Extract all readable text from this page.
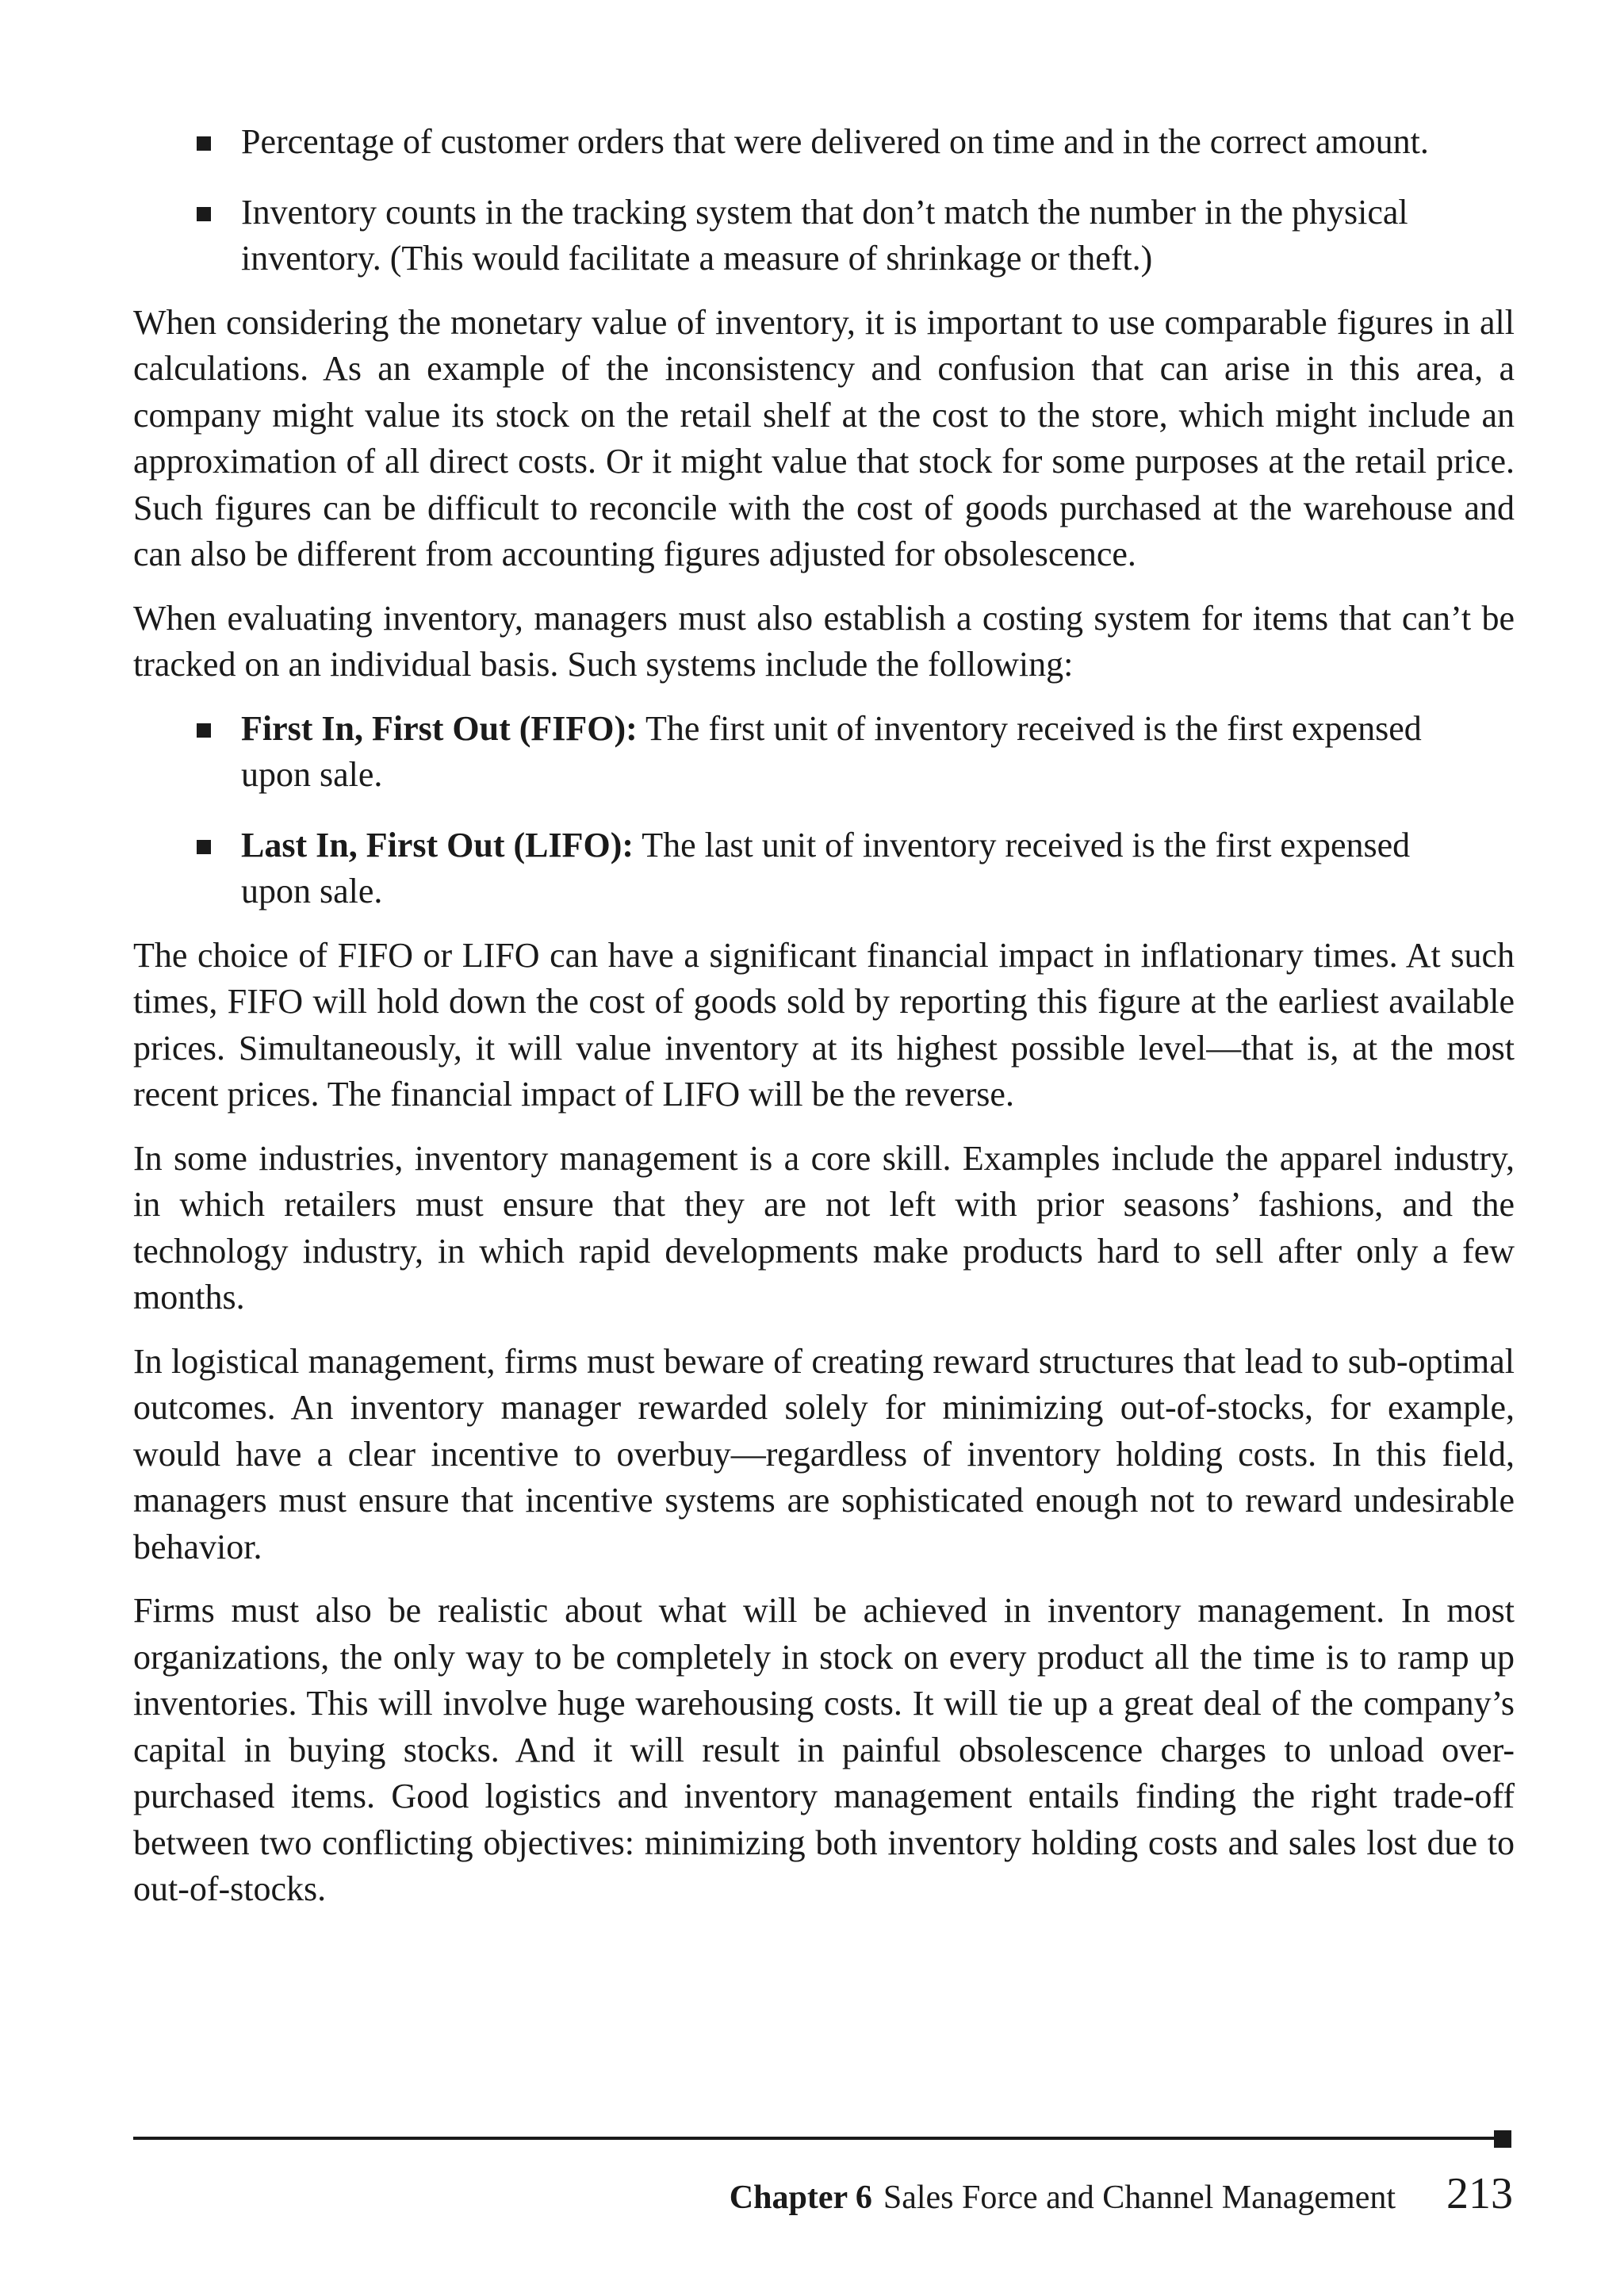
Percentage of customer orders that were delivered on time and in the correct amount.
Inventory counts in the tracking system that don’t match the number in the physical inventory. (This would facilitate a measure of shrinkage or theft.)

When considering the monetary value of inventory, it is important to use comparable figures in all calculations. As an example of the inconsistency and confusion that can arise in this area, a company might value its stock on the retail shelf at the cost to the store, which might include an approximation of all direct costs. Or it might value that stock for some purposes at the retail price. Such figures can be difficult to reconcile with the cost of goods purchased at the warehouse and can also be different from accounting figures adjusted for obsolescence.

When evaluating inventory, managers must also establish a costing system for items that can’t be tracked on an individual basis. Such systems include the following:

First In, First Out (FIFO): The first unit of inventory received is the first expensed upon sale.
Last In, First Out (LIFO): The last unit of inventory received is the first expensed upon sale.

The choice of FIFO or LIFO can have a significant financial impact in inflationary times. At such times, FIFO will hold down the cost of goods sold by reporting this figure at the earliest available prices. Simultaneously, it will value inventory at its highest possible level—that is, at the most recent prices. The financial impact of LIFO will be the reverse.

In some industries, inventory management is a core skill. Examples include the apparel industry, in which retailers must ensure that they are not left with prior seasons’ fashions, and the technology industry, in which rapid developments make products hard to sell after only a few months.

In logistical management, firms must beware of creating reward structures that lead to sub-optimal outcomes. An inventory manager rewarded solely for minimizing out-of-stocks, for example, would have a clear incentive to overbuy—regardless of inventory holding costs. In this field, managers must ensure that incentive systems are sophisticated enough not to reward undesirable behavior.

Firms must also be realistic about what will be achieved in inventory management. In most organizations, the only way to be completely in stock on every product all the time is to ramp up inventories. This will involve huge warehousing costs. It will tie up a great deal of the company’s capital in buying stocks. And it will result in painful obsolescence charges to unload over-purchased items. Good logistics and inventory management entails finding the right trade-off between two conflicting objectives: minimizing both inventory holding costs and sales lost due to out-of-stocks.

Chapter 6 Sales Force and Channel Management 213
